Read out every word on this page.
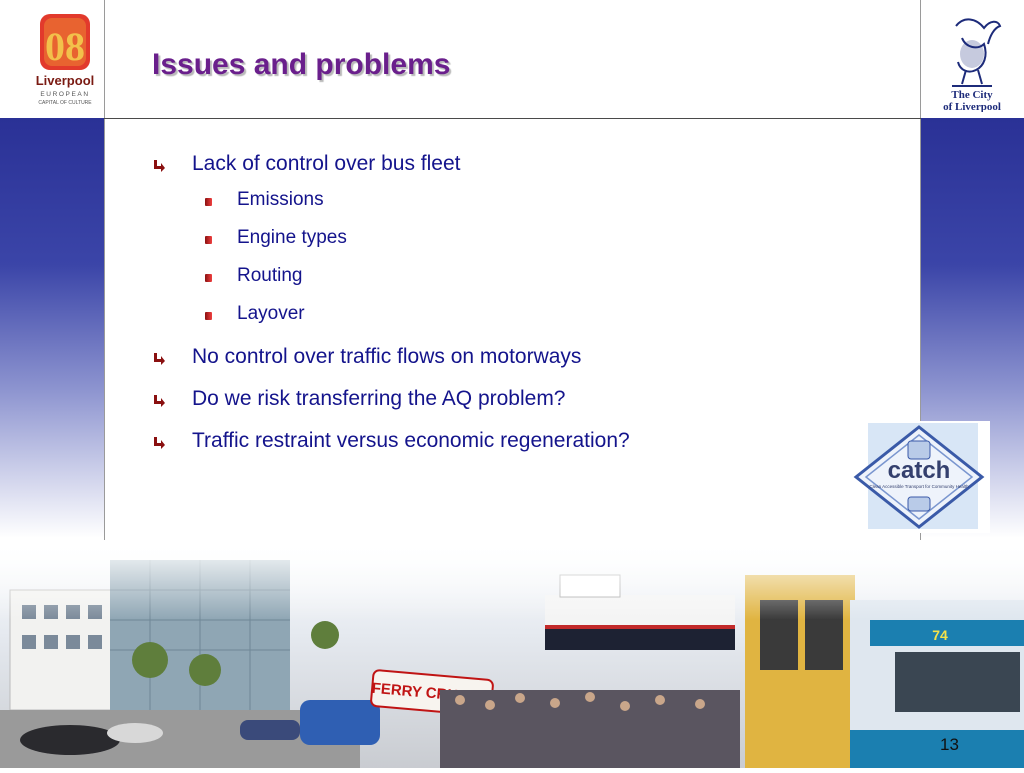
08
Liverpool
EUROPEAN
CAPITAL OF CULTURE
The City
of Liverpool
Issues and problems
Lack of control over bus fleet
Emissions
Engine types
Routing
Layover
No control over traffic flows on motorways
Do we risk transferring the AQ problem?
Traffic restraint versus economic regeneration?
catch
Clean Accessible Transport for Community Health
13
